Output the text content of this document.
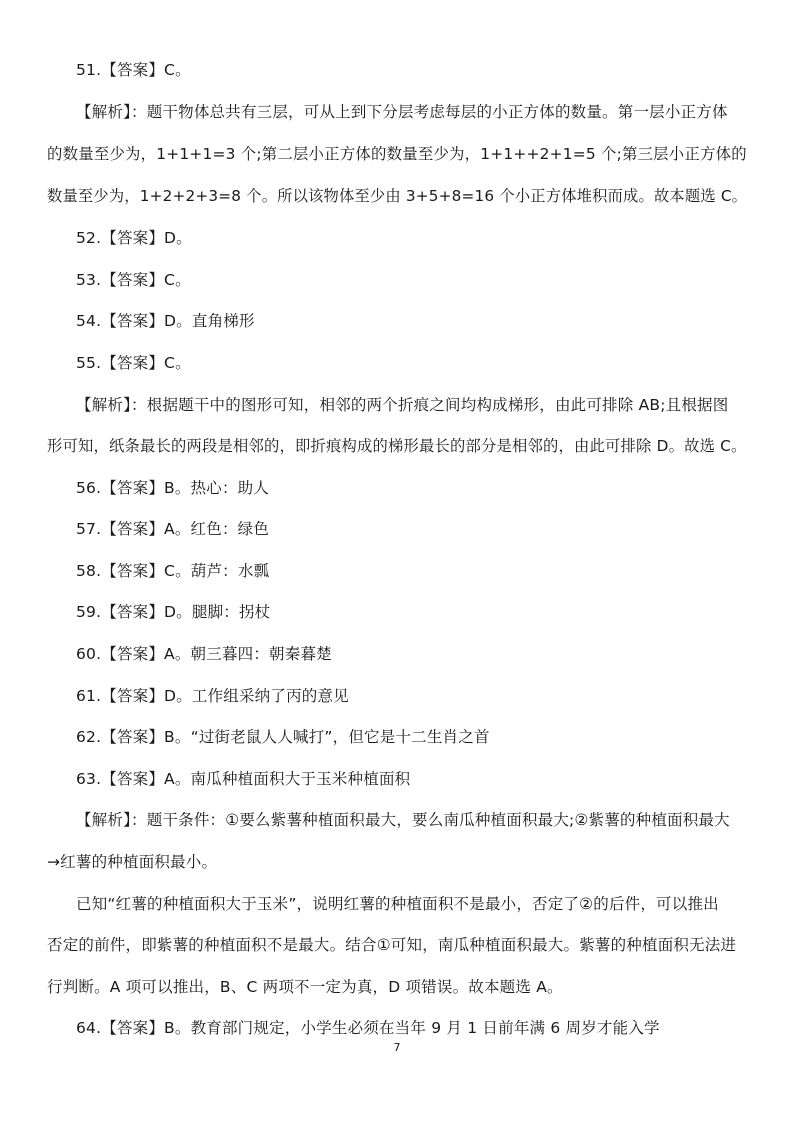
51.【答案】C。
【解析】：题干物体总共有三层，可从上到下分层考虑每层的小正方体的数量。第一层小正方体
的数量至少为，1+1+1=3 个;第二层小正方体的数量至少为，1+1++2+1=5 个;第三层小正方体的
数量至少为，1+2+2+3=8 个。所以该物体至少由 3+5+8=16 个小正方体堆积而成。故本题选 C。
52.【答案】D。
53.【答案】C。
54.【答案】D。直角梯形
55.【答案】C。
【解析】：根据题干中的图形可知，相邻的两个折痕之间均构成梯形，由此可排除 AB;且根据图
形可知，纸条最长的两段是相邻的，即折痕构成的梯形最长的部分是相邻的，由此可排除 D。故选 C。
56.【答案】B。热心：助人
57.【答案】A。红色：绿色
58.【答案】C。葫芦：水瓢
59.【答案】D。腿脚：拐杖
60.【答案】A。朝三暮四：朝秦暮楚
61.【答案】D。工作组采纳了丙的意见
62.【答案】B。“过街老鼠人人喊打”，但它是十二生肖之首
63.【答案】A。南瓜种植面积大于玉米种植面积
【解析】：题干条件：①要么紫薯种植面积最大，要么南瓜种植面积最大;②紫薯的种植面积最大
→红薯的种植面积最小。
已知“红薯的种植面积大于玉米”，说明红薯的种植面积不是最小，否定了②的后件，可以推出
否定的前件，即紫薯的种植面积不是最大。结合①可知，南瓜种植面积最大。紫薯的种植面积无法进
行判断。A 项可以推出，B、C 两项不一定为真，D 项错误。故本题选 A。
64.【答案】B。教育部门规定，小学生必须在当年 9 月 1 日前年满 6 周岁才能入学
7
